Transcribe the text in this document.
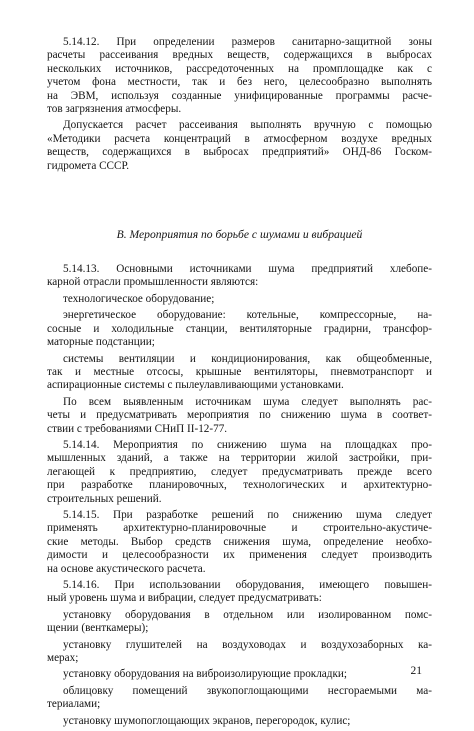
5.14.12. При определении размеров санитарно-защитной зоны
расчеты рассеивания вредных веществ, содержащихся в выбросах
нескольких источников, рассредоточенных на промплощадке как с
учетом фона местности, так и без него, целесообразно выполнять
на ЭВМ, используя созданные унифицированные программы расче-
тов загрязнения атмосферы.
Допускается расчет рассеивания выполнять вручную с помощью
«Методики расчета концентраций в атмосферном воздухе вредных
веществ, содержащихся в выбросах предприятий» ОНД-86 Госком-
гидромета СССР.
В. Мероприятия по борьбе с шумами и вибрацией
5.14.13. Основными источниками шума предприятий хлебопе-
карной отрасли промышленности являются:
технологическое оборудование;
энергетическое оборудование: котельные, компрессорные, на-
сосные и холодильные станции, вентиляторные градирни, трансфор-
маторные подстанции;
системы вентиляции и кондиционирования, как общеобменные,
так и местные отсосы, крышные вентиляторы, пневмотранспорт и
аспирационные системы с пылеулавливающими установками.
По всем выявленным источникам шума следует выполнять рас-
четы и предусматривать мероприятия по снижению шума в соответ-
ствии с требованиями СНиП II-12-77.
5.14.14. Мероприятия по снижению шума на площадках про-
мышленных зданий, а также на территории жилой застройки, при-
легающей к предприятию, следует предусматривать прежде всего
при разработке планировочных, технологических и архитектурно-
строительных решений.
5.14.15. При разработке решений по снижению шума следует
применять архитектурно-планировочные и строительно-акустиче-
ские методы. Выбор средств снижения шума, определение необхо-
димости и целесообразности их применения следует производить
на основе акустического расчета.
5.14.16. При использовании оборудования, имеющего повышен-
ный уровень шума и вибрации, следует предусматривать:
установку оборудования в отдельном или изолированном помс-
щении (венткамеры);
установку глушителей на воздуховодах и воздухозаборных ка-
мерах;
установку оборудования на виброизолирующие прокладки;
облицовку помещений звукопоглощающими несгораемыми ма-
териалами;
установку шумопоглощающих экранов, перегородок, кулис;
21
